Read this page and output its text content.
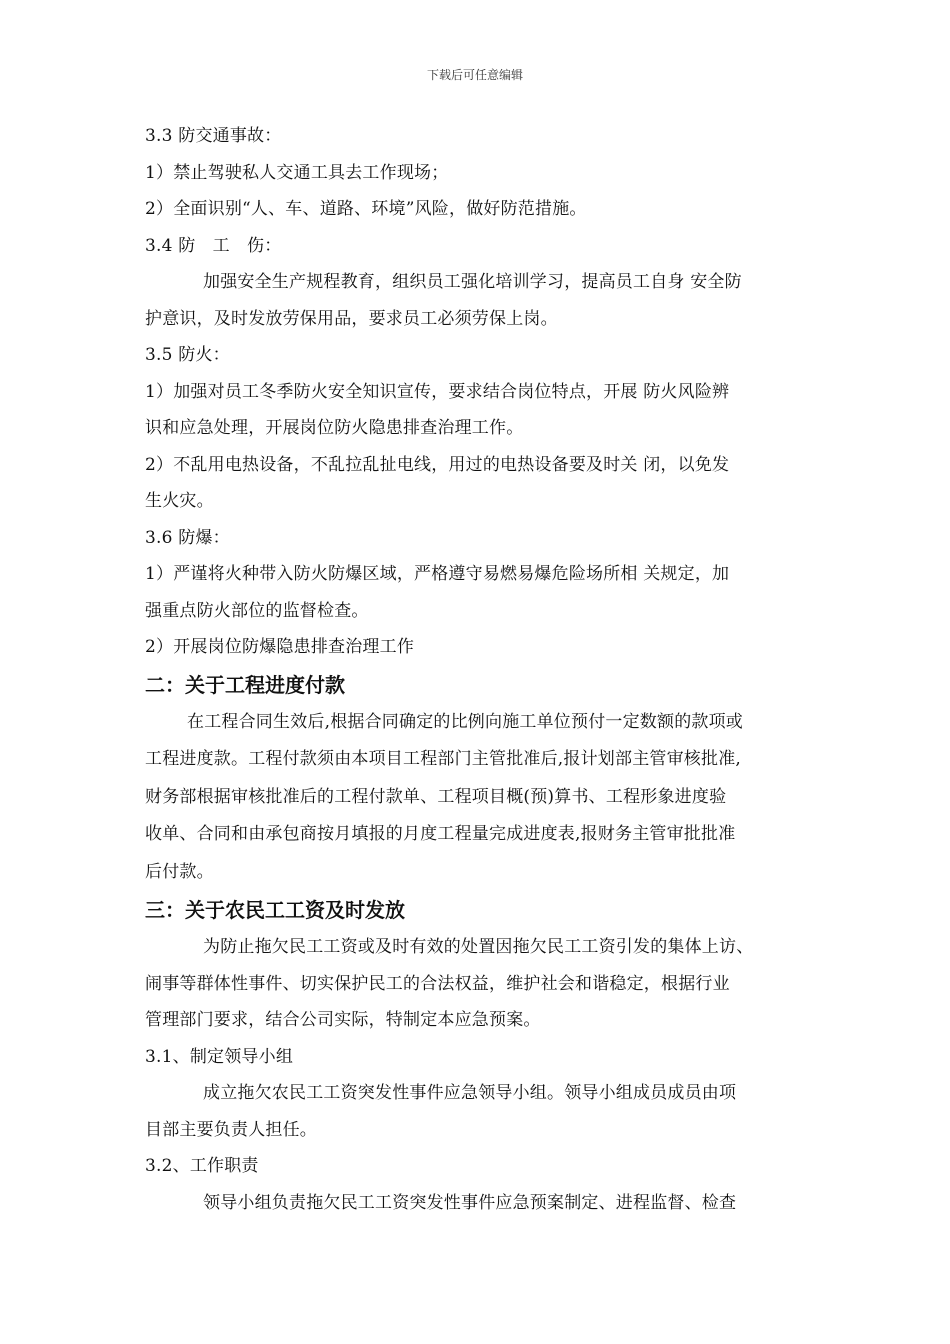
下载后可任意编辑
3.3 防交通事故：
1）禁止驾驶私人交通工具去工作现场；
2）全面识别“人、车、道路、环境”风险，做好防范措施。
3.4 防　工　伤：
加强安全生产规程教育，组织员工强化培训学习，提高员工自身 安全防
护意识，及时发放劳保用品，要求员工必须劳保上岗。
3.5 防火：
1）加强对员工冬季防火安全知识宣传，要求结合岗位特点，开展 防火风险辨
识和应急处理，开展岗位防火隐患排查治理工作。
2）不乱用电热设备，不乱拉乱扯电线，用过的电热设备要及时关 闭，以免发
生火灾。
3.6 防爆：
1）严谨将火种带入防火防爆区域，严格遵守易燃易爆危险场所相 关规定，加
强重点防火部位的监督检查。
2）开展岗位防爆隐患排查治理工作
二：关于工程进度付款
在工程合同生效后,根据合同确定的比例向施工单位预付一定数额的款项或
工程进度款。工程付款须由本项目工程部门主管批准后,报计划部主管审核批准,
财务部根据审核批准后的工程付款单、工程项目概(预)算书、工程形象进度验
收单、合同和由承包商按月填报的月度工程量完成进度表,报财务主管审批批准
后付款。
三：关于农民工工资及时发放
为防止拖欠民工工资或及时有效的处置因拖欠民工工资引发的集体上访、
闹事等群体性事件、切实保护民工的合法权益，维护社会和谐稳定，根据行业
管理部门要求，结合公司实际，特制定本应急预案。
3.1、制定领导小组
成立拖欠农民工工资突发性事件应急领导小组。领导小组成员成员由项
目部主要负责人担任。
3.2、工作职责
领导小组负责拖欠民工工资突发性事件应急预案制定、进程监督、检查
